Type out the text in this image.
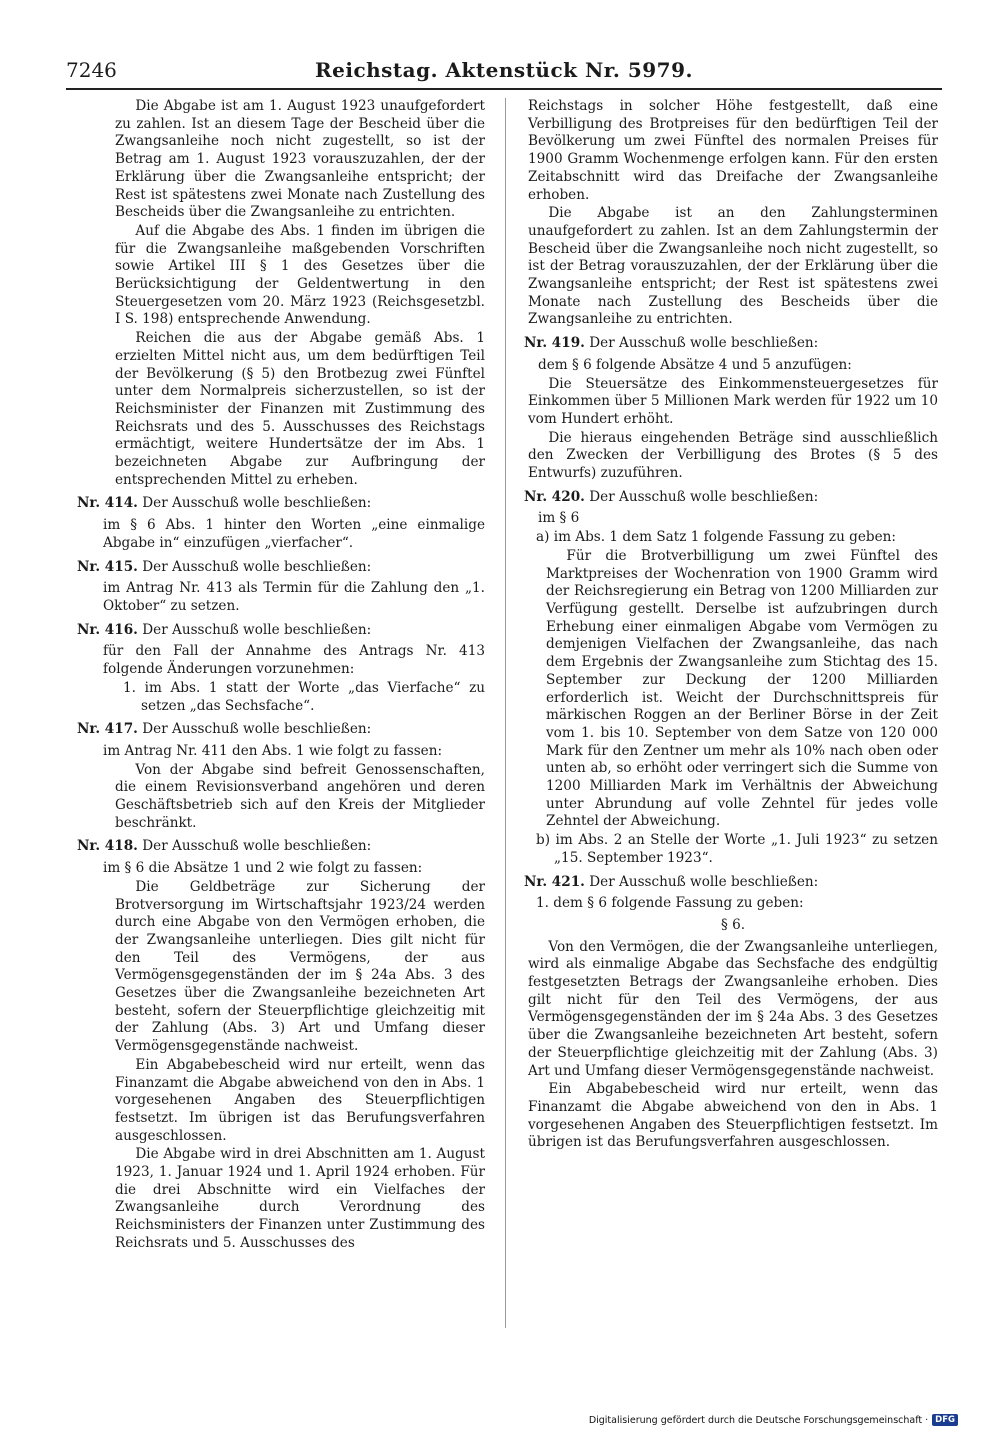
7246	Reichstag. Aktenstück Nr. 5979.

Die Abgabe ist am 1. August 1923 unaufgefordert zu zahlen. Ist an diesem Tage der Bescheid über die Zwangsanleihe noch nicht zugestellt, so ist der Betrag am 1. August 1923 vorauszuzahlen, der der Erklärung über die Zwangsanleihe entspricht; der Rest ist spätestens zwei Monate nach Zustellung des Bescheids über die Zwangsanleihe zu entrichten.

Auf die Abgabe des Abs. 1 finden im übrigen die für die Zwangsanleihe maßgebenden Vorschriften sowie Artikel III § 1 des Gesetzes über die Berücksichtigung der Geldentwertung in den Steuergesetzen vom 20. März 1923 (Reichsgesetzbl. I S. 198) entsprechende Anwendung.

Reichen die aus der Abgabe gemäß Abs. 1 erzielten Mittel nicht aus, um dem bedürftigen Teil der Bevölkerung (§ 5) den Brotbezug zwei Fünftel unter dem Normalpreis sicherzustellen, so ist der Reichsminister der Finanzen mit Zustimmung des Reichsrats und des 5. Ausschusses des Reichstags ermächtigt, weitere Hundertsätze der im Abs. 1 bezeichneten Abgabe zur Aufbringung der entsprechenden Mittel zu erheben.

Nr. 414. Der Ausschuß wolle beschließen:

im § 6 Abs. 1 hinter den Worten „eine einmalige Abgabe in“ einzufügen „vierfacher“.

Nr. 415. Der Ausschuß wolle beschließen:

im Antrag Nr. 413 als Termin für die Zahlung den „1. Oktober“ zu setzen.

Nr. 416. Der Ausschuß wolle beschließen:

für den Fall der Annahme des Antrags Nr. 413 folgende Änderungen vorzunehmen:

1. im Abs. 1 statt der Worte „das Vierfache“ zu setzen „das Sechsfache“.

Nr. 417. Der Ausschuß wolle beschließen:

im Antrag Nr. 411 den Abs. 1 wie folgt zu fassen:

Von der Abgabe sind befreit Genossenschaften, die einem Revisionsverband angehören und deren Geschäftsbetrieb sich auf den Kreis der Mitglieder beschränkt.

Nr. 418. Der Ausschuß wolle beschließen:

im § 6 die Absätze 1 und 2 wie folgt zu fassen:

Die Geldbeträge zur Sicherung der Brotversorgung im Wirtschaftsjahr 1923/24 werden durch eine Abgabe von den Vermögen erhoben, die der Zwangsanleihe unterliegen. Dies gilt nicht für den Teil des Vermögens, der aus Vermögensgegenständen der im § 24a Abs. 3 des Gesetzes über die Zwangsanleihe bezeichneten Art besteht, sofern der Steuerpflichtige gleichzeitig mit der Zahlung (Abs. 3) Art und Umfang dieser Vermögensgegenstände nachweist.

Ein Abgabebescheid wird nur erteilt, wenn das Finanzamt die Abgabe abweichend von den in Abs. 1 vorgesehenen Angaben des Steuerpflichtigen festsetzt. Im übrigen ist das Berufungsverfahren ausgeschlossen.

Die Abgabe wird in drei Abschnitten am 1. August 1923, 1. Januar 1924 und 1. April 1924 erhoben. Für die drei Abschnitte wird ein Vielfaches der Zwangsanleihe durch Verordnung des Reichsministers der Finanzen unter Zustimmung des Reichsrats und 5. Ausschusses des

Reichstags in solcher Höhe festgestellt, daß eine Verbilligung des Brotpreises für den bedürftigen Teil der Bevölkerung um zwei Fünftel des normalen Preises für 1900 Gramm Wochenmenge erfolgen kann. Für den ersten Zeitabschnitt wird das Dreifache der Zwangsanleihe erhoben.

Die Abgabe ist an den Zahlungsterminen unaufgefordert zu zahlen. Ist an dem Zahlungstermin der Bescheid über die Zwangsanleihe noch nicht zugestellt, so ist der Betrag vorauszuzahlen, der der Erklärung über die Zwangsanleihe entspricht; der Rest ist spätestens zwei Monate nach Zustellung des Bescheids über die Zwangsanleihe zu entrichten.

Nr. 419. Der Ausschuß wolle beschließen:

dem § 6 folgende Absätze 4 und 5 anzufügen:

Die Steuersätze des Einkommensteuergesetzes für Einkommen über 5 Millionen Mark werden für 1922 um 10 vom Hundert erhöht.

Die hieraus eingehenden Beträge sind ausschließlich den Zwecken der Verbilligung des Brotes (§ 5 des Entwurfs) zuzuführen.

Nr. 420. Der Ausschuß wolle beschließen:

im § 6

a) im Abs. 1 dem Satz 1 folgende Fassung zu geben:

Für die Brotverbilligung um zwei Fünftel des Marktpreises der Wochenration von 1900 Gramm wird der Reichsregierung ein Betrag von 1200 Milliarden zur Verfügung gestellt. Derselbe ist aufzubringen durch Erhebung einer einmaligen Abgabe vom Vermögen zu demjenigen Vielfachen der Zwangsanleihe, das nach dem Ergebnis der Zwangsanleihe zum Stichtag des 15. September zur Deckung der 1200 Milliarden erforderlich ist. Weicht der Durchschnittspreis für märkischen Roggen an der Berliner Börse in der Zeit vom 1. bis 10. September von dem Satze von 120 000 Mark für den Zentner um mehr als 10% nach oben oder unten ab, so erhöht oder verringert sich die Summe von 1200 Milliarden Mark im Verhältnis der Abweichung unter Abrundung auf volle Zehntel für jedes volle Zehntel der Abweichung.

b) im Abs. 2 an Stelle der Worte „1. Juli 1923“ zu setzen „15. September 1923“.

Nr. 421. Der Ausschuß wolle beschließen:

1. dem § 6 folgende Fassung zu geben:

§ 6.

Von den Vermögen, die der Zwangsanleihe unterliegen, wird als einmalige Abgabe das Sechsfache des endgültig festgesetzten Betrags der Zwangsanleihe erhoben. Dies gilt nicht für den Teil des Vermögens, der aus Vermögensgegenständen der im § 24a Abs. 3 des Gesetzes über die Zwangsanleihe bezeichneten Art besteht, sofern der Steuerpflichtige gleichzeitig mit der Zahlung (Abs. 3) Art und Umfang dieser Vermögensgegenstände nachweist.

Ein Abgabebescheid wird nur erteilt, wenn das Finanzamt die Abgabe abweichend von den in Abs. 1 vorgesehenen Angaben des Steuerpflichtigen festsetzt. Im übrigen ist das Berufungsverfahren ausgeschlossen.

Digitalisierung gefördert durch die Deutsche Forschungsgemeinschaft · DFG
